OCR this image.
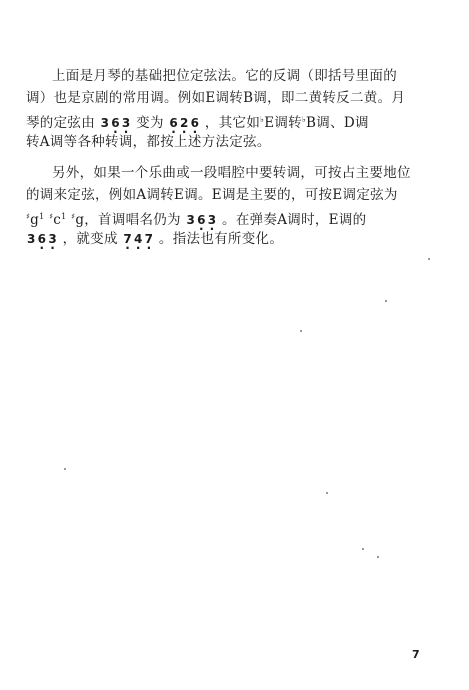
上面是月琴的基础把位定弦法。它的反调（即括号里面的
调）也是京剧的常用调。例如E调转B调，即二黄转反二黄。月
琴的定弦由 3 6 · 3 · 变为 6 · 2 · 6 · ，其它如♭E调转♭B调、D调
转A调等各种转调，都按上述方法定弦。
另外，如果一个乐曲或一段唱腔中要转调，可按占主要地位
的调来定弦，例如A调转E调。E调是主要的，可按E调定弦为
$^♯g^1$ $^♯c^1$ ♯g，首调唱名仍为 3 6 · 3 · 。在弹奏A调时，E调的
3 6 · 3 · ，就变成 7 · 4 · 7 · 。指法也有所变化。
7
